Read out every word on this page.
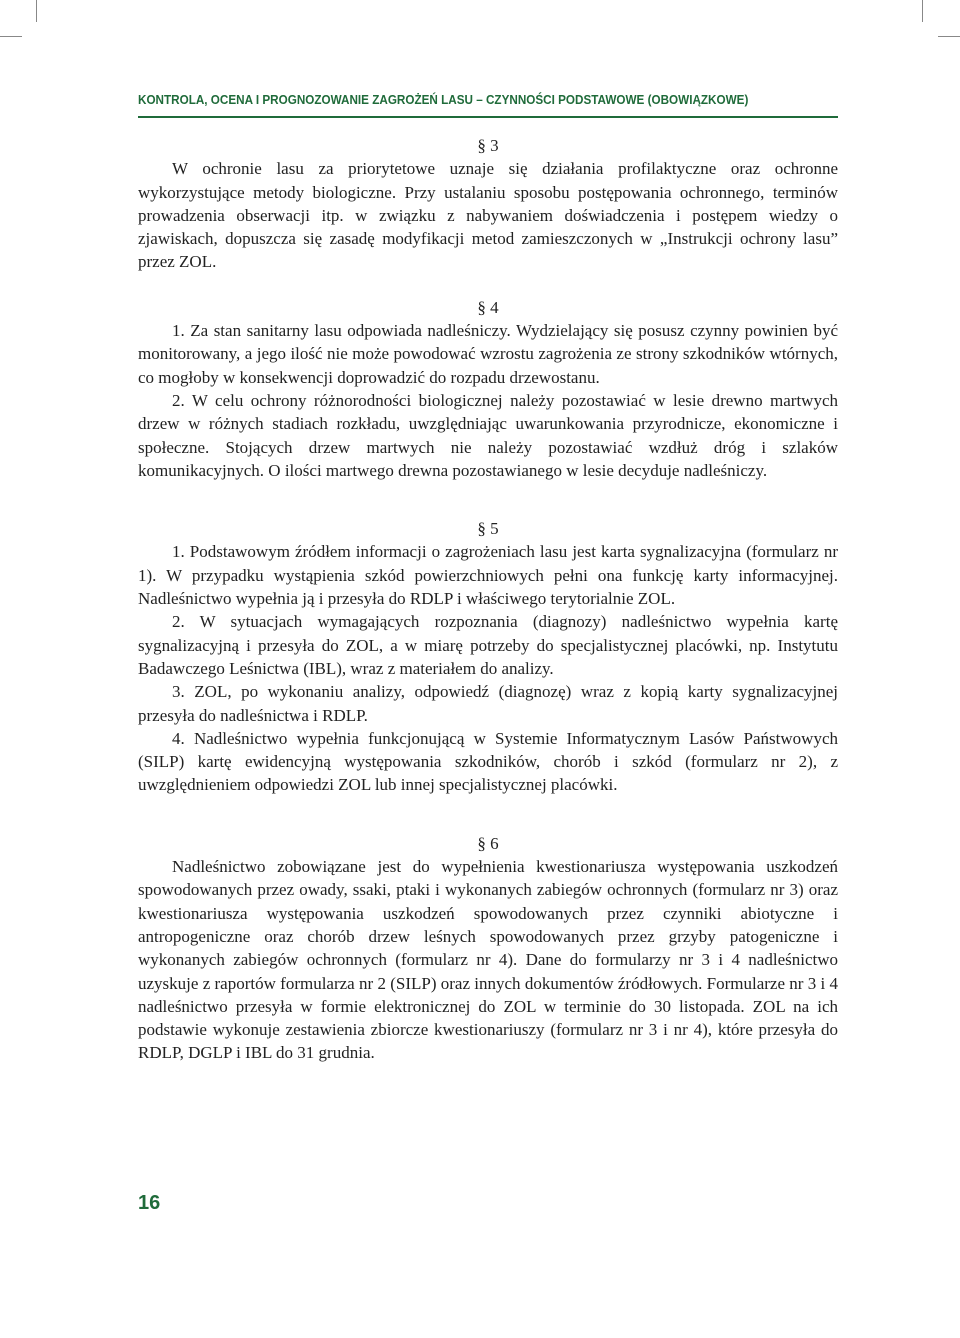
KONTROLA, OCENA I PROGNOZOWANIE ZAGROŻEŃ LASU – CZYNNOŚCI PODSTAWOWE (OBOWIĄZKOWE)

§ 3

W ochronie lasu za priorytetowe uznaje się działania profilaktyczne oraz ochronne wykorzystujące metody biologiczne. Przy ustalaniu sposobu postępowania ochronnego, terminów prowadzenia obserwacji itp. w związku z nabywaniem doświadczenia i postępem wiedzy o zjawiskach, dopuszcza się zasadę modyfikacji metod zamieszczonych w „Instrukcji ochrony lasu” przez ZOL.

§ 4

1. Za stan sanitarny lasu odpowiada nadleśniczy. Wydzielający się posusz czynny powinien być monitorowany, a jego ilość nie może powodować wzrostu zagrożenia ze strony szkodników wtórnych, co mogłoby w konsekwencji doprowadzić do rozpadu drzewostanu.

2. W celu ochrony różnorodności biologicznej należy pozostawiać w lesie drewno martwych drzew w różnych stadiach rozkładu, uwzględniając uwarunkowania przyrodnicze, ekonomiczne i społeczne. Stojących drzew martwych nie należy pozostawiać wzdłuż dróg i szlaków komunikacyjnych. O ilości martwego drewna pozostawianego w lesie decyduje nadleśniczy.

§ 5

1. Podstawowym źródłem informacji o zagrożeniach lasu jest karta sygnalizacyjna (formularz nr 1). W przypadku wystąpienia szkód powierzchniowych pełni ona funkcję karty informacyjnej. Nadleśnictwo wypełnia ją i przesyła do RDLP i właściwego terytorialnie ZOL.

2. W sytuacjach wymagających rozpoznania (diagnozy) nadleśnictwo wypełnia kartę sygnalizacyjną i przesyła do ZOL, a w miarę potrzeby do specjalistycznej placówki, np. Instytutu Badawczego Leśnictwa (IBL), wraz z materiałem do analizy.

3. ZOL, po wykonaniu analizy, odpowiedź (diagnozę) wraz z kopią karty sygnalizacyjnej przesyła do nadleśnictwa i RDLP.

4. Nadleśnictwo wypełnia funkcjonującą w Systemie Informatycznym Lasów Państwowych (SILP) kartę ewidencyjną występowania szkodników, chorób i szkód (formularz nr 2), z uwzględnieniem odpowiedzi ZOL lub innej specjalistycznej placówki.

§ 6

Nadleśnictwo zobowiązane jest do wypełnienia kwestionariusza występowania uszkodzeń spowodowanych przez owady, ssaki, ptaki i wykonanych zabiegów ochronnych (formularz nr 3) oraz kwestionariusza występowania uszkodzeń spowodowanych przez czynniki abiotyczne i antropogeniczne oraz chorób drzew leśnych spowodowanych przez grzyby patogeniczne i wykonanych zabiegów ochronnych (formularz nr 4). Dane do formularzy nr 3 i 4 nadleśnictwo uzyskuje z raportów formularza nr 2 (SILP) oraz innych dokumentów źródłowych. Formularze nr 3 i 4 nadleśnictwo przesyła w formie elektronicznej do ZOL w terminie do 30 listopada. ZOL na ich podstawie wykonuje zestawienia zbiorcze kwestionariuszy (formularz nr 3 i nr 4), które przesyła do RDLP, DGLP i IBL do 31 grudnia.

16
